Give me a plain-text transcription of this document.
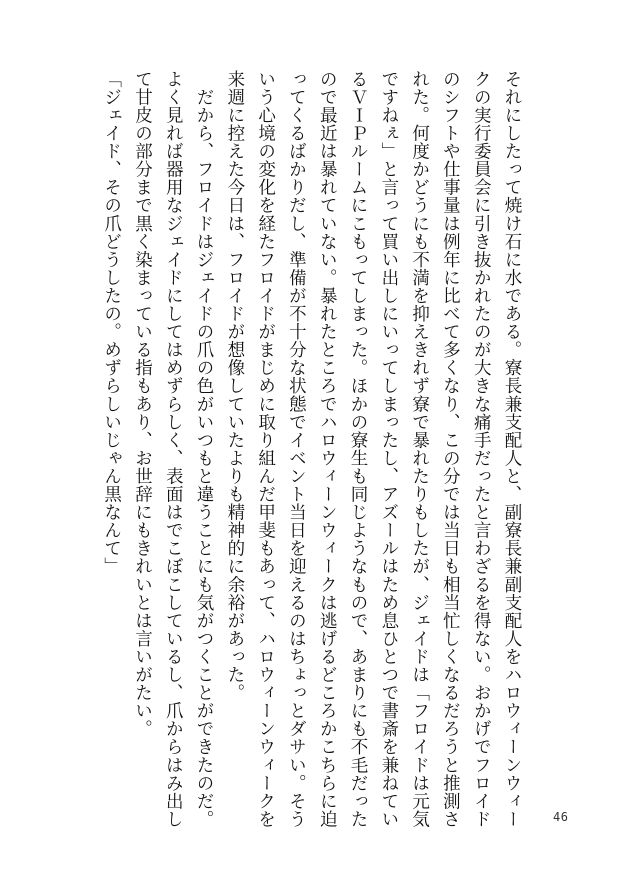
それにしたって焼け石に水である。寮長兼支配人と、副寮長兼副支配人をハロウィーンウィー

クの実行委員会に引き抜かれたのが大きな痛手だったと言わざるを得ない。おかげでフロイド

のシフトや仕事量は例年に比べて多くなり、この分では当日も相当忙しくなるだろうと推測さ

れた。何度かどうにも不満を抑えきれず寮で暴れたりもしたが、ジェイドは「フロイドは元気

ですねぇ」と言って買い出しにいってしまったし、アズールはため息ひとつで書斎を兼ねてい

るＶＩＰルームにこもってしまった。ほかの寮生も同じようなもので、あまりにも不毛だった

ので最近は暴れていない。暴れたところでハロウィーンウィークは逃げるどころかこちらに迫

ってくるばかりだし、準備が不十分な状態でイベント当日を迎えるのはちょっとダサい。そう

いう心境の変化を経たフロイドがまじめに取り組んだ甲斐もあって、ハロウィーンウィークを

来週に控えた今日は、フロイドが想像していたよりも精神的に余裕があった。

　だから、フロイドはジェイドの爪の色がいつもと違うことにも気がつくことができたのだ。

よく見れば器用なジェイドにしてはめずらしく、表面はでこぼこしているし、爪からはみ出し

て甘皮の部分まで黒く染まっている指もあり、お世辞にもきれいとは言いがたい。

「ジェイド、その爪どうしたの。めずらしいじゃん黒なんて」

46
